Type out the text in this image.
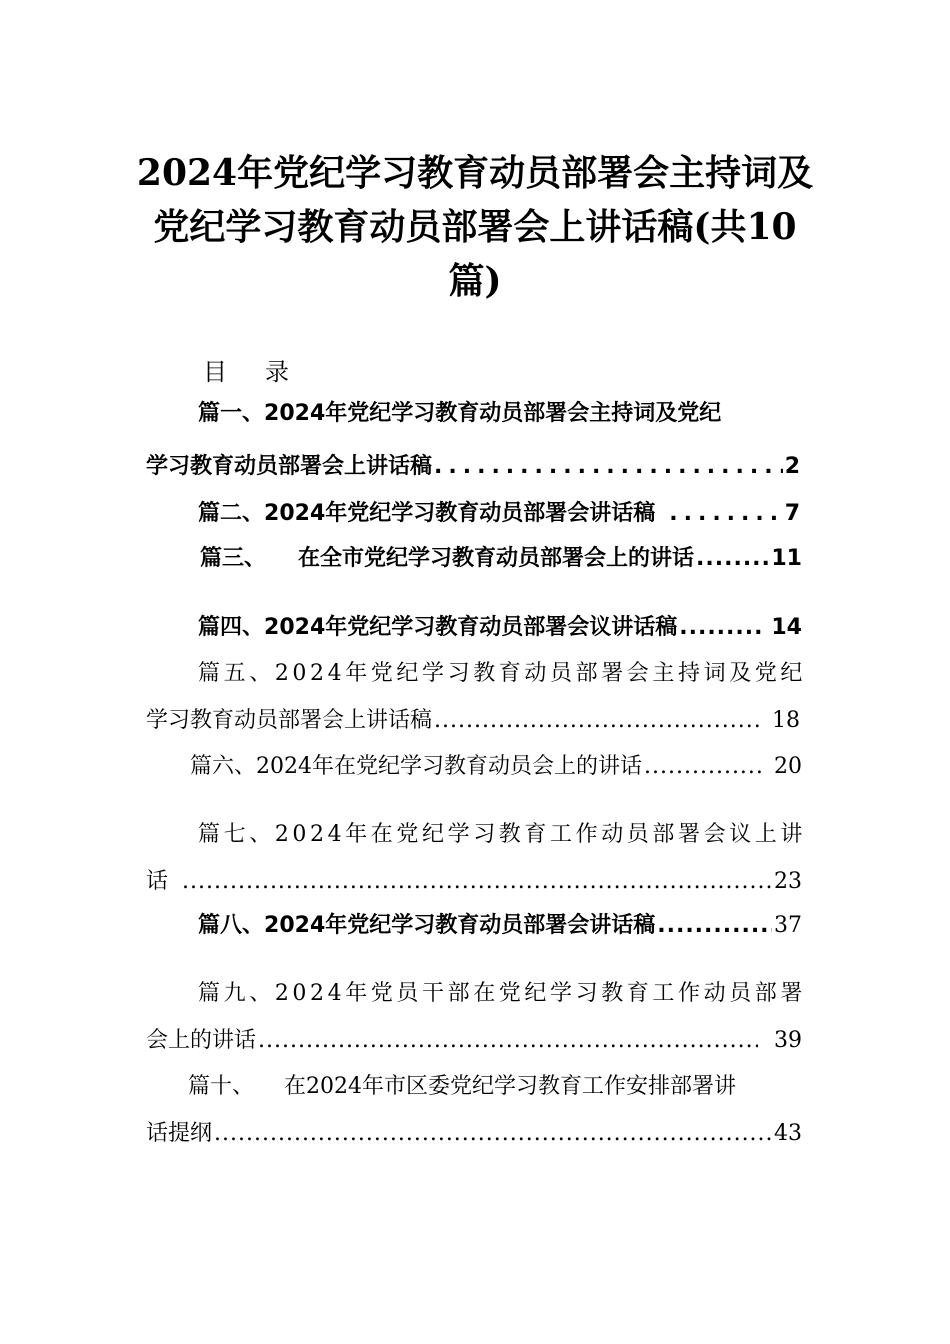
2024年党纪学习教育动员部署会主持词及
党纪学习教育动员部署会上讲话稿(共10
篇)
目录
篇一、 2024年党纪学习教育动员部署会主持词及党纪
学习教育动员部署会上讲话稿 .....	2
篇二、 2024年党纪学习教育动员部署会讲话稿 .....	7
篇三、 在全市党纪学习教育动员部署会上的讲话 .....	11
篇四、 2024年党纪学习教育动员部署会议讲话稿 .....	14
篇五、 2024年党纪学习教育动员部署会主持词及党纪
学习教育动员部署会上讲话稿 .....	18
篇六、 2024年在党纪学习教育动员会上的讲话 .....	20
篇七、 2024年在党纪学习教育工作动员部署会议上讲
话 .....	23
篇八、 2024年党纪学习教育动员部署会讲话稿 .....	37
篇九、 2024年党员干部在党纪学习教育工作动员部署
会上的讲话 .....	39
篇十、 在2024年市区委党纪学习教育工作安排部署讲
话提纲 .....	43
